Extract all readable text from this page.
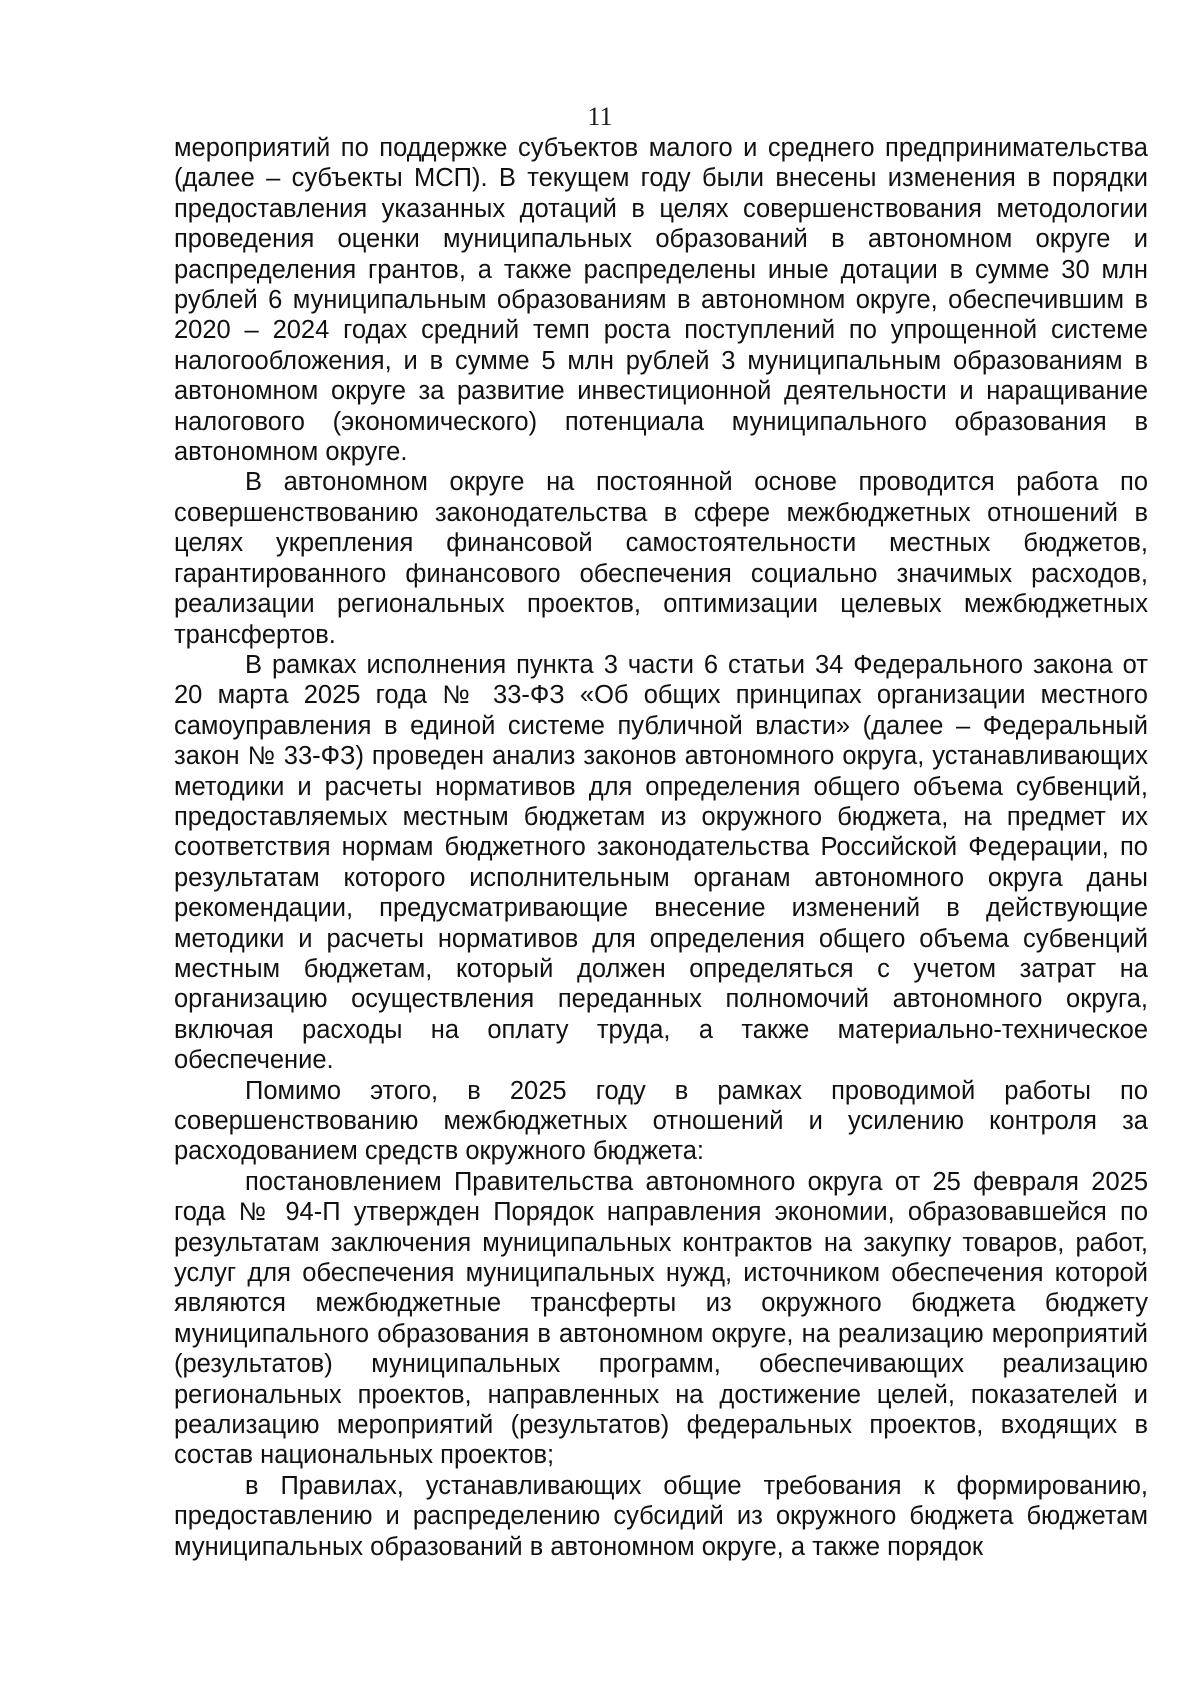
11

мероприятий по поддержке субъектов малого и среднего предпринимательства (далее – субъекты МСП). В текущем году были внесены изменения в порядки предоставления указанных дотаций в целях совершенствования методологии проведения оценки муниципальных образований в автономном округе и распределения грантов, а также распределены иные дотации в сумме 30 млн рублей 6 муниципальным образованиям в автономном округе, обеспечившим в 2020 – 2024 годах средний темп роста поступлений по упрощенной системе налогообложения, и в сумме 5 млн рублей 3 муниципальным образованиям в автономном округе за развитие инвестиционной деятельности и наращивание налогового (экономического) потенциала муниципального образования в автономном округе.

В автономном округе на постоянной основе проводится работа по совершенствованию законодательства в сфере межбюджетных отношений в целях укрепления финансовой самостоятельности местных бюджетов, гарантированного финансового обеспечения социально значимых расходов, реализации региональных проектов, оптимизации целевых межбюджетных трансфертов.

В рамках исполнения пункта 3 части 6 статьи 34 Федерального закона от 20 марта 2025 года № 33-ФЗ «Об общих принципах организации местного самоуправления в единой системе публичной власти» (далее – Федеральный закон № 33-ФЗ) проведен анализ законов автономного округа, устанавливающих методики и расчеты нормативов для определения общего объема субвенций, предоставляемых местным бюджетам из окружного бюджета, на предмет их соответствия нормам бюджетного законодательства Российской Федерации, по результатам которого исполнительным органам автономного округа даны рекомендации, предусматривающие внесение изменений в действующие методики и расчеты нормативов для определения общего объема субвенций местным бюджетам, который должен определяться с учетом затрат на организацию осуществления переданных полномочий автономного округа, включая расходы на оплату труда, а также материально-техническое обеспечение.

Помимо этого, в 2025 году в рамках проводимой работы по совершенствованию межбюджетных отношений и усилению контроля за расходованием средств окружного бюджета:

постановлением Правительства автономного округа от 25 февраля 2025 года № 94-П утвержден Порядок направления экономии, образовавшейся по результатам заключения муниципальных контрактов на закупку товаров, работ, услуг для обеспечения муниципальных нужд, источником обеспечения которой являются межбюджетные трансферты из окружного бюджета бюджету муниципального образования в автономном округе, на реализацию мероприятий (результатов) муниципальных программ, обеспечивающих реализацию региональных проектов, направленных на достижение целей, показателей и реализацию мероприятий (результатов) федеральных проектов, входящих в состав национальных проектов;

в Правилах, устанавливающих общие требования к формированию, предоставлению и распределению субсидий из окружного бюджета бюджетам муниципальных образований в автономном округе, а также порядок
